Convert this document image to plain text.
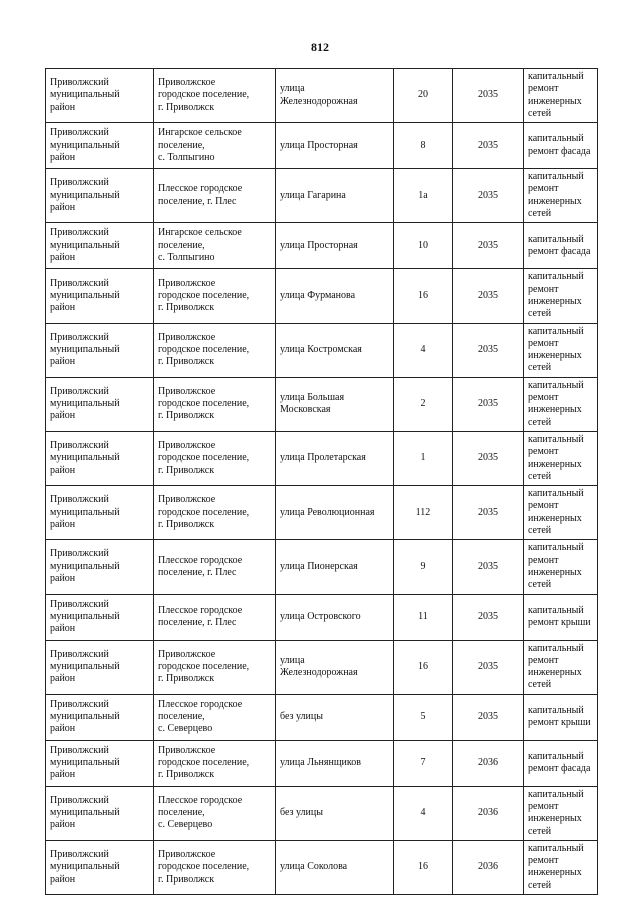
812
Приволжский
муниципальный
район	Приволжское
городское поселение,
г. Приволжск	улица
Железнодорожная	20	2035	капитальный
ремонт
инженерных
сетей

Приволжский
муниципальный
район	Ингарское сельское
поселение,
с. Толпыгино	улица Просторная	8	2035	капитальный
ремонт фасада

Приволжский
муниципальный
район	Плесское городское
поселение, г. Плес	улица Гагарина	1а	2035	капитальный
ремонт
инженерных
сетей

Приволжский
муниципальный
район	Ингарское сельское
поселение,
с. Толпыгино	улица Просторная	10	2035	капитальный
ремонт фасада

Приволжский
муниципальный
район	Приволжское
городское поселение,
г. Приволжск	улица Фурманова	16	2035	капитальный
ремонт
инженерных
сетей

Приволжский
муниципальный
район	Приволжское
городское поселение,
г. Приволжск	улица Костромская	4	2035	капитальный
ремонт
инженерных
сетей

Приволжский
муниципальный
район	Приволжское
городское поселение,
г. Приволжск	улица Большая
Московская	2	2035	капитальный
ремонт
инженерных
сетей

Приволжский
муниципальный
район	Приволжское
городское поселение,
г. Приволжск	улица Пролетарская	1	2035	капитальный
ремонт
инженерных
сетей

Приволжский
муниципальный
район	Приволжское
городское поселение,
г. Приволжск	улица Революционная	112	2035	капитальный
ремонт
инженерных
сетей

Приволжский
муниципальный
район	Плесское городское
поселение, г. Плес	улица Пионерская	9	2035	капитальный
ремонт
инженерных
сетей

Приволжский
муниципальный
район	Плесское городское
поселение, г. Плес	улица Островского	11	2035	капитальный
ремонт крыши

Приволжский
муниципальный
район	Приволжское
городское поселение,
г. Приволжск	улица
Железнодорожная	16	2035	капитальный
ремонт
инженерных
сетей

Приволжский
муниципальный
район	Плесское городское
поселение,
с. Северцево	без улицы	5	2035	капитальный
ремонт крыши

Приволжский
муниципальный
район	Приволжское
городское поселение,
г. Приволжск	улица Льнянщиков	7	2036	капитальный
ремонт фасада

Приволжский
муниципальный
район	Плесское городское
поселение,
с. Северцево	без улицы	4	2036	капитальный
ремонт
инженерных
сетей

Приволжский
муниципальный
район	Приволжское
городское поселение,
г. Приволжск	улица Соколова	16	2036	капитальный
ремонт
инженерных
сетей
